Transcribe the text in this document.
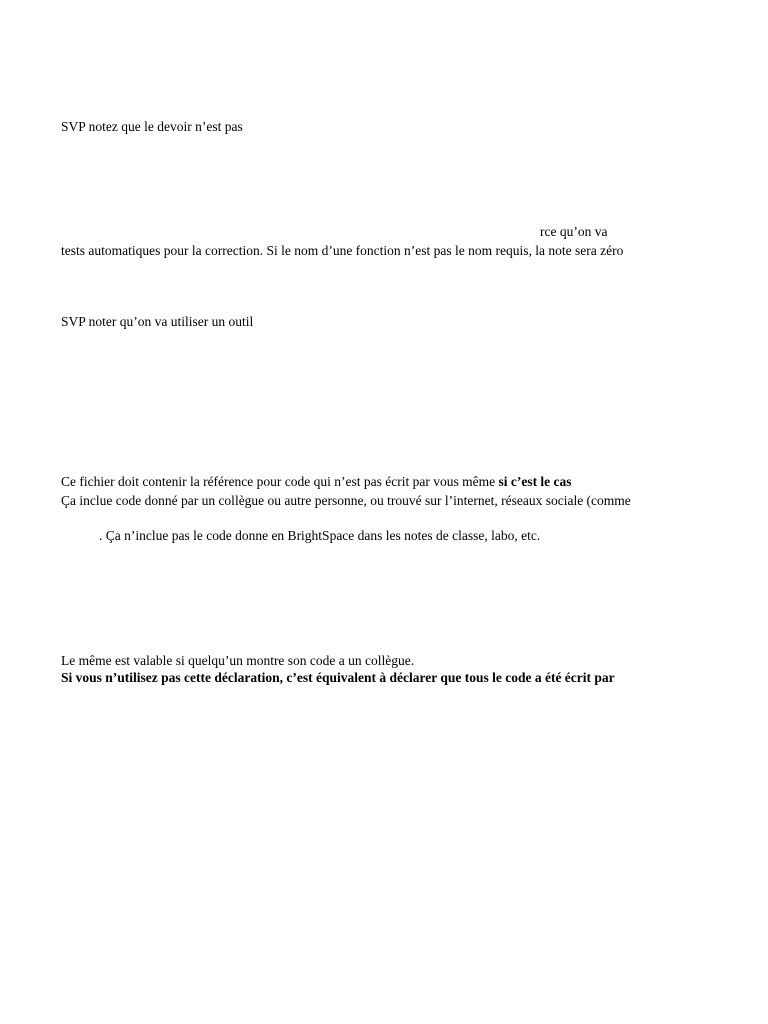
SVP notez que le devoir n’est pas
rce qu’on va
tests automatiques pour la correction. Si le nom d’une fonction n’est pas le nom requis, la note sera zéro
SVP noter qu’on va utiliser un outil
Ce fichier doit contenir la référence pour code qui n’est pas écrit par vous même si c’est le cas
Ça inclue code donné par un collègue ou autre personne, ou trouvé sur l’internet, réseaux sociale (comme
. Ça n’inclue pas le code donne en BrightSpace dans les notes de classe, labo, etc.
Le même est valable si quelqu’un montre son code a un collègue.
Si vous n’utilisez pas cette déclaration, c’est équivalent à déclarer que tous le code a été écrit par
